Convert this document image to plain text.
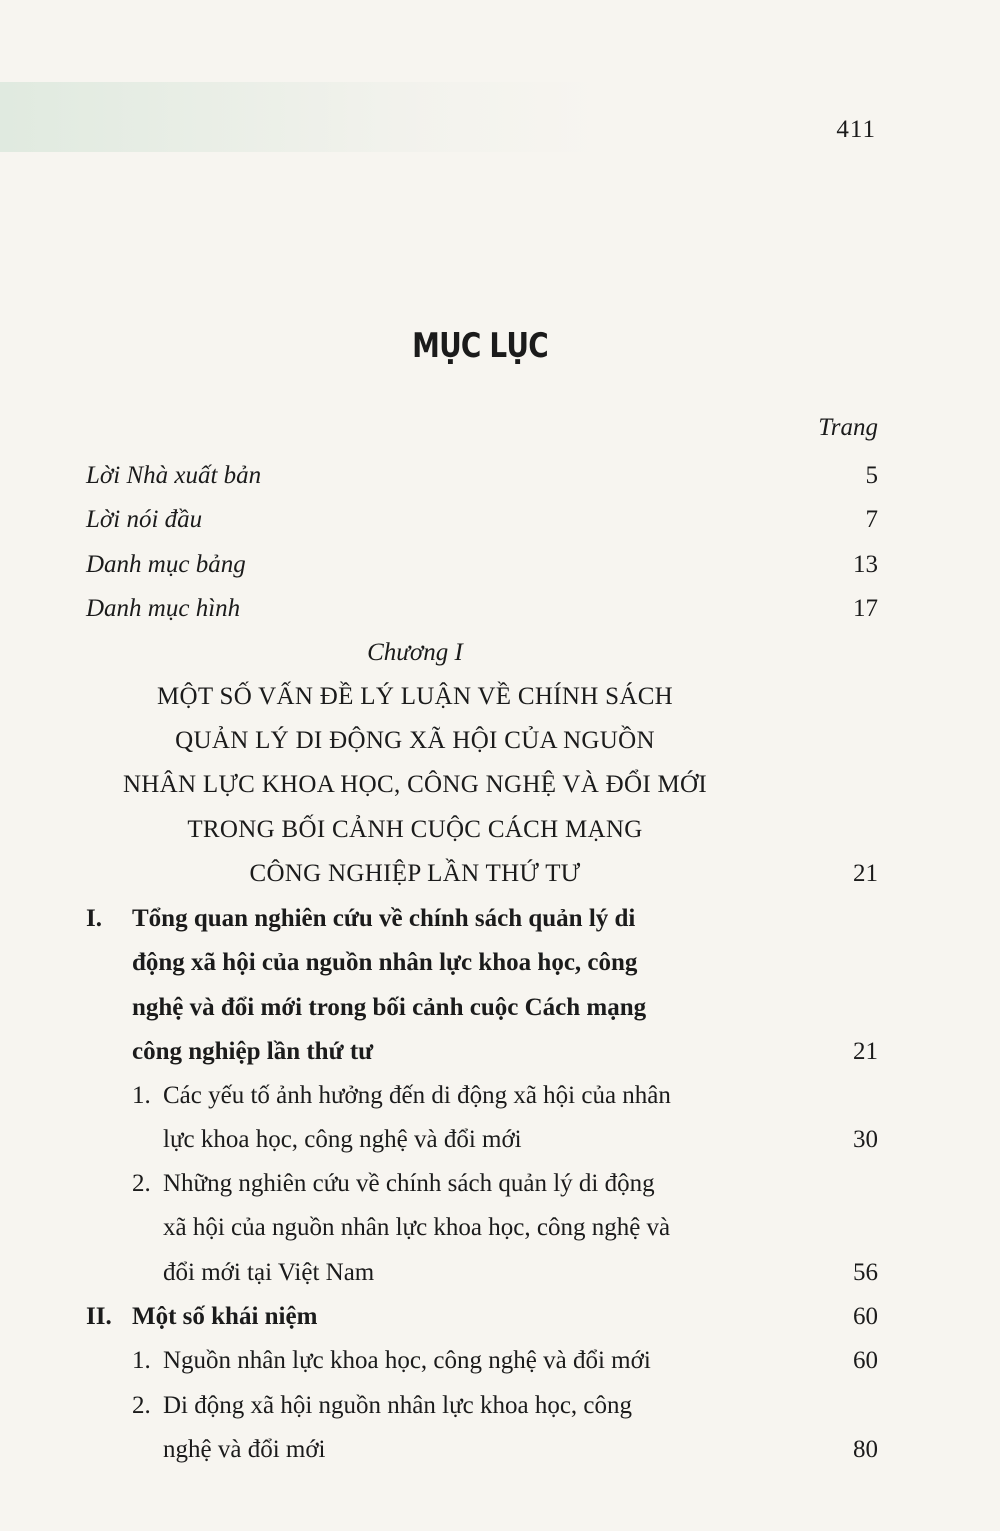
411
MỤC LỤC
Trang
Lời Nhà xuất bản	5
Lời nói đầu	7
Danh mục bảng	13
Danh mục hình	17
Chương I
MỘT SỐ VẤN ĐỀ LÝ LUẬN VỀ CHÍNH SÁCH
QUẢN LÝ DI ĐỘNG XÃ HỘI CỦA NGUỒN
NHÂN LỰC KHOA HỌC, CÔNG NGHỆ VÀ ĐỔI MỚI
TRONG BỐI CẢNH CUỘC CÁCH MẠNG
CÔNG NGHIỆP LẦN THỨ TƯ	21
I. Tổng quan nghiên cứu về chính sách quản lý di
động xã hội của nguồn nhân lực khoa học, công
nghệ và đổi mới trong bối cảnh cuộc Cách mạng
công nghiệp lần thứ tư	21
1. Các yếu tố ảnh hưởng đến di động xã hội của nhân
lực khoa học, công nghệ và đổi mới	30
2. Những nghiên cứu về chính sách quản lý di động
xã hội của nguồn nhân lực khoa học, công nghệ và
đổi mới tại Việt Nam	56
II. Một số khái niệm	60
1. Nguồn nhân lực khoa học, công nghệ và đổi mới	60
2. Di động xã hội nguồn nhân lực khoa học, công
nghệ và đổi mới	80
